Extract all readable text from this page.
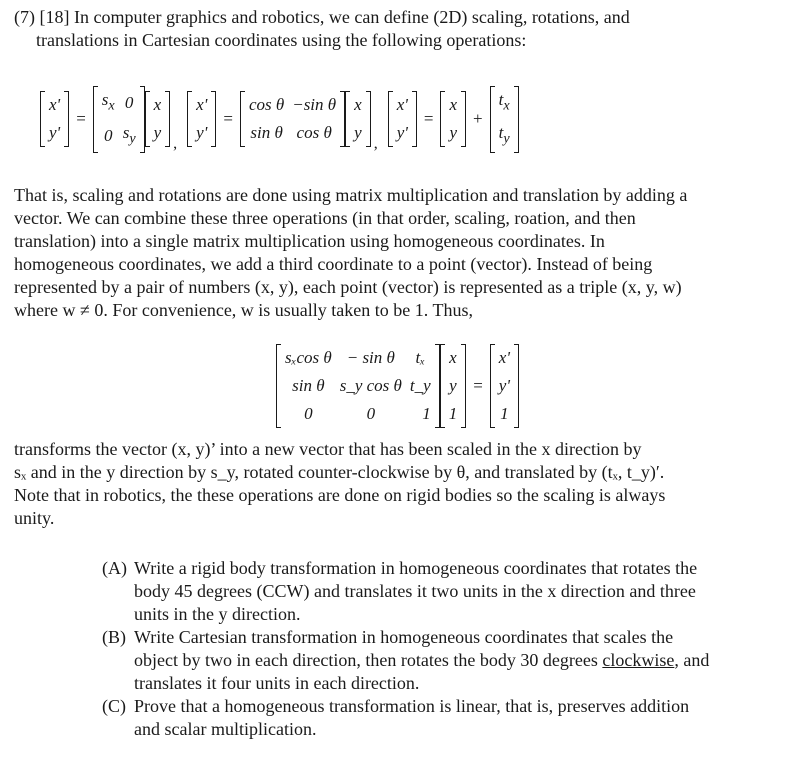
(7) [18] In computer graphics and robotics, we can define (2D) scaling, rotations, and

translations in Cartesian coordinates using the following operations:
x'
y'
=
$s_x$	0
0	$s_y$
x
y
,
x'
y'
=
cos θ	−sin θ
sin θ	cos θ
x
y
,
x'
y'
=
x
y
+
$t_x$
$t_y$
That is, scaling and rotations are done using matrix multiplication and translation by adding a
vector. We can combine these three operations (in that order, scaling, roation, and then
translation) into a single matrix multiplication using homogeneous coordinates. In
homogeneous coordinates, we add a third coordinate to a point (vector). Instead of being
represented by a pair of numbers (x, y), each point (vector) is represented as a triple (x, y, w)
where w ≠ 0. For convenience, w is usually taken to be 1. Thus,
sₓcos θ	− sin θ	tₓ
sin θ	s_y cos θ	t_y
0	0	1
x
y
1
=
x'
y'
1
transforms the vector (x, y)’ into a new vector that has been scaled in the x direction by
sₓ and in the y direction by s_y, rotated counter-clockwise by θ, and translated by (tₓ, t_y)′.
Note that in robotics, the these operations are done on rigid bodies so the scaling is always
unity.
(A) Write a rigid body transformation in homogeneous coordinates that rotates the
body 45 degrees (CCW) and translates it two units in the x direction and three
units in the y direction.
(B) Write Cartesian transformation in homogeneous coordinates that scales the
object by two in each direction, then rotates the body 30 degrees clockwise, and
translates it four units in each direction.
(C) Prove that a homogeneous transformation is linear, that is, preserves addition
and scalar multiplication.
